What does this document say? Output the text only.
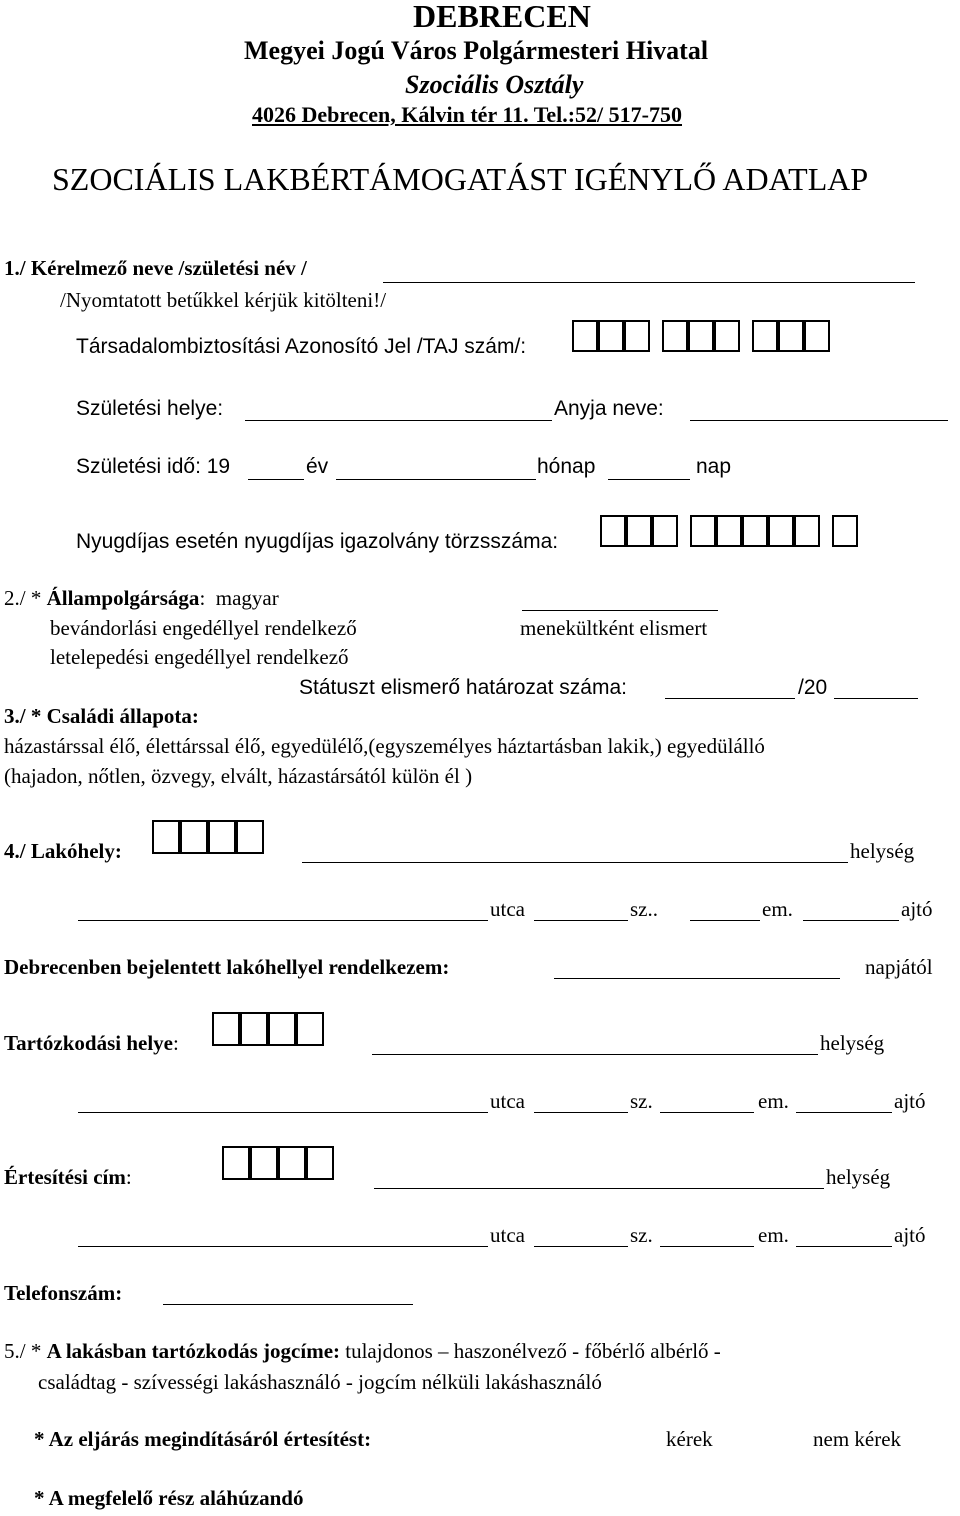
DEBRECEN
Megyei Jogú Város Polgármesteri Hivatal
Szociális Osztály
4026 Debrecen, Kálvin tér 11. Tel.:52/ 517-750
SZOCIÁLIS LAKBÉRTÁMOGATÁST IGÉNYLŐ ADATLAP
1./ Kérelmező neve /születési név /
/Nyomtatott betűkkel kérjük kitölteni!/
Társadalombiztosítási Azonosító Jel /TAJ szám/:
Születési helye:	Anyja neve:
Születési idő: 19	év	hónap	nap
Nyugdíjas esetén nyugdíjas igazolvány törzsszáma:
2./ * Állampolgársága: magyar
bevándorlási engedéllyel rendelkező	menekültként elismert
letelepedési engedéllyel rendelkező
Státuszt elismerő határozat száma:	/20
3./ * Családi állapota:
házastárssal élő, élettárssal élő, egyedülélő,(egyszemélyes háztartásban lakik,) egyedülálló
(hajadon, nőtlen, özvegy, elvált, házastársától külön él )
4./ Lakóhely:	helység
utca	sz..	em.	ajtó
Debrecenben bejelentett lakóhellyel rendelkezem:	napjától
Tartózkodási helye:	helység
utca	sz.	em.	ajtó
Értesítési cím:	helység
utca	sz.	em.	ajtó
Telefonszám:
5./ * A lakásban tartózkodás jogcíme: tulajdonos – haszonélvező - főbérlő albérlő -
családtag - szívességi lakáshasználó - jogcím nélküli lakáshasználó
* Az eljárás megindításáról értesítést:	kérek	nem kérek
* A megfelelő rész aláhúzandó
